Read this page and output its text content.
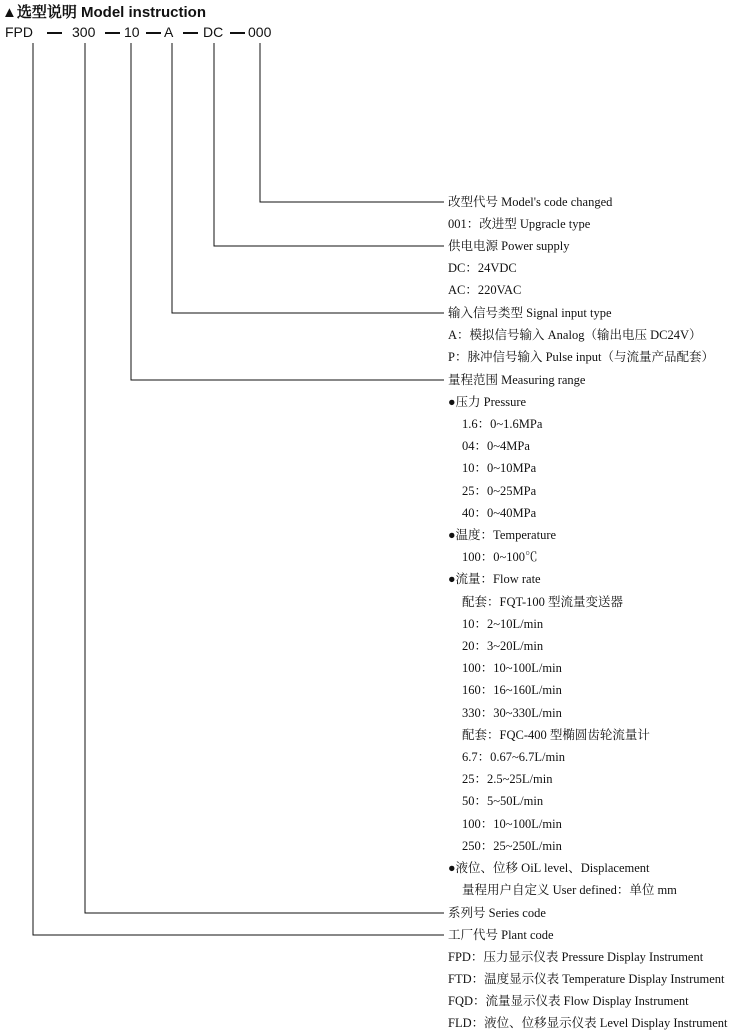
▲选型说明 Model instruction
FPD	300 10 A DC 000
改型代号 Model's code changed
001：改进型 Upgracle type
供电电源 Power supply
DC：24VDC
AC：220VAC
输入信号类型 Signal input type
A：模拟信号输入 Analog（输出电压 DC24V）
P：脉冲信号输入 Pulse input（与流量产品配套）
量程范围 Measuring range
●压力 Pressure
1.6：0~1.6MPa
04：0~4MPa
10：0~10MPa
25：0~25MPa
40：0~40MPa
●温度：Temperature
100：0~100℃
●流量：Flow rate
配套：FQT-100 型流量变送器
10：2~10L/min
20：3~20L/min
100：10~100L/min
160：16~160L/min
330：30~330L/min
配套：FQC-400 型椭圆齿轮流量计
6.7：0.67~6.7L/min
25：2.5~25L/min
50：5~50L/min
100：10~100L/min
250：25~250L/min
●液位、位移 OiL level、Displacement
量程用户自定义 User defined：单位 mm
系列号 Series code
工厂代号 Plant code
FPD：压力显示仪表 Pressure Display Instrument
FTD：温度显示仪表 Temperature Display Instrument
FQD：流量显示仪表 Flow Display Instrument
FLD：液位、位移显示仪表 Level Display Instrument
